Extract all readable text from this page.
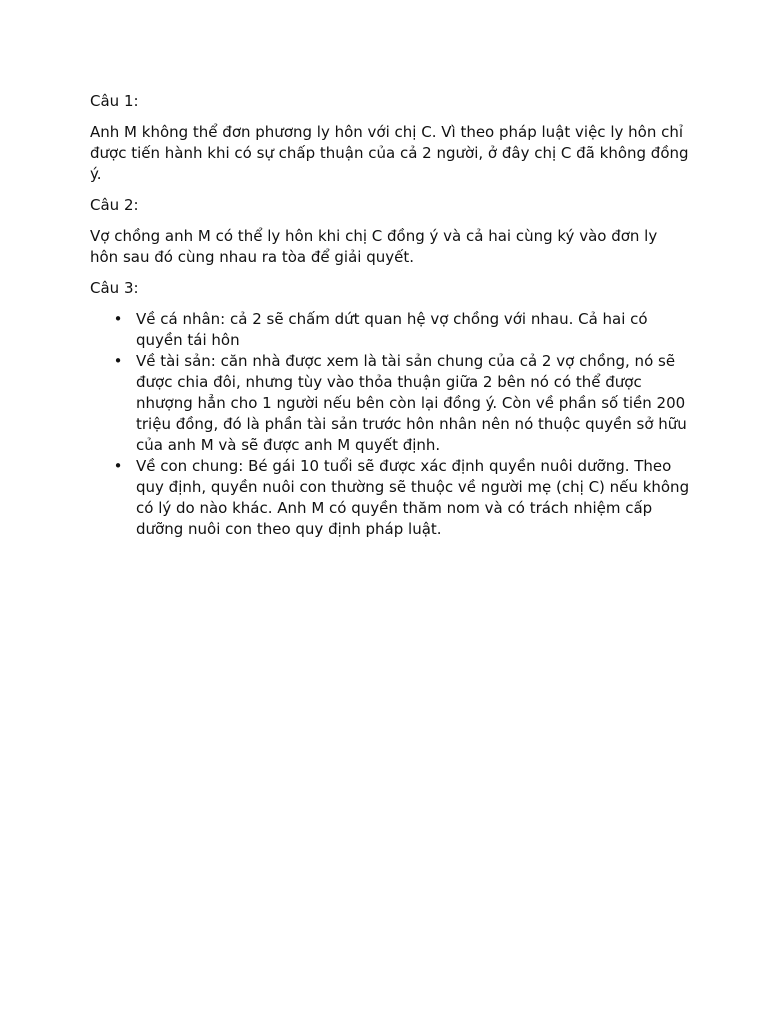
Câu 1:

Anh M không thể đơn phương ly hôn với chị C. Vì theo pháp luật việc ly hôn chỉ được tiến hành khi có sự chấp thuận của cả 2 người, ở đây chị C đã không đồng ý.

Câu 2:

Vợ chồng anh M có thể ly hôn khi chị C đồng ý và cả hai cùng ký vào đơn ly hôn sau đó cùng nhau ra tòa để giải quyết.

Câu 3:

• Về cá nhân: cả 2 sẽ chấm dứt quan hệ vợ chồng với nhau. Cả hai có quyền tái hôn
• Về tài sản: căn nhà được xem là tài sản chung của cả 2 vợ chồng, nó sẽ được chia đôi, nhưng tùy vào thỏa thuận giữa 2 bên nó có thể được nhượng hẳn cho 1 người nếu bên còn lại đồng ý. Còn về phần số tiền 200 triệu đồng, đó là phần tài sản trước hôn nhân nên nó thuộc quyền sở hữu của anh M và sẽ được anh M quyết định.
• Về con chung: Bé gái 10 tuổi sẽ được xác định quyền nuôi dưỡng. Theo quy định, quyền nuôi con thường sẽ thuộc về người mẹ (chị C) nếu không có lý do nào khác. Anh M có quyền thăm nom và có trách nhiệm cấp dưỡng nuôi con theo quy định pháp luật.
